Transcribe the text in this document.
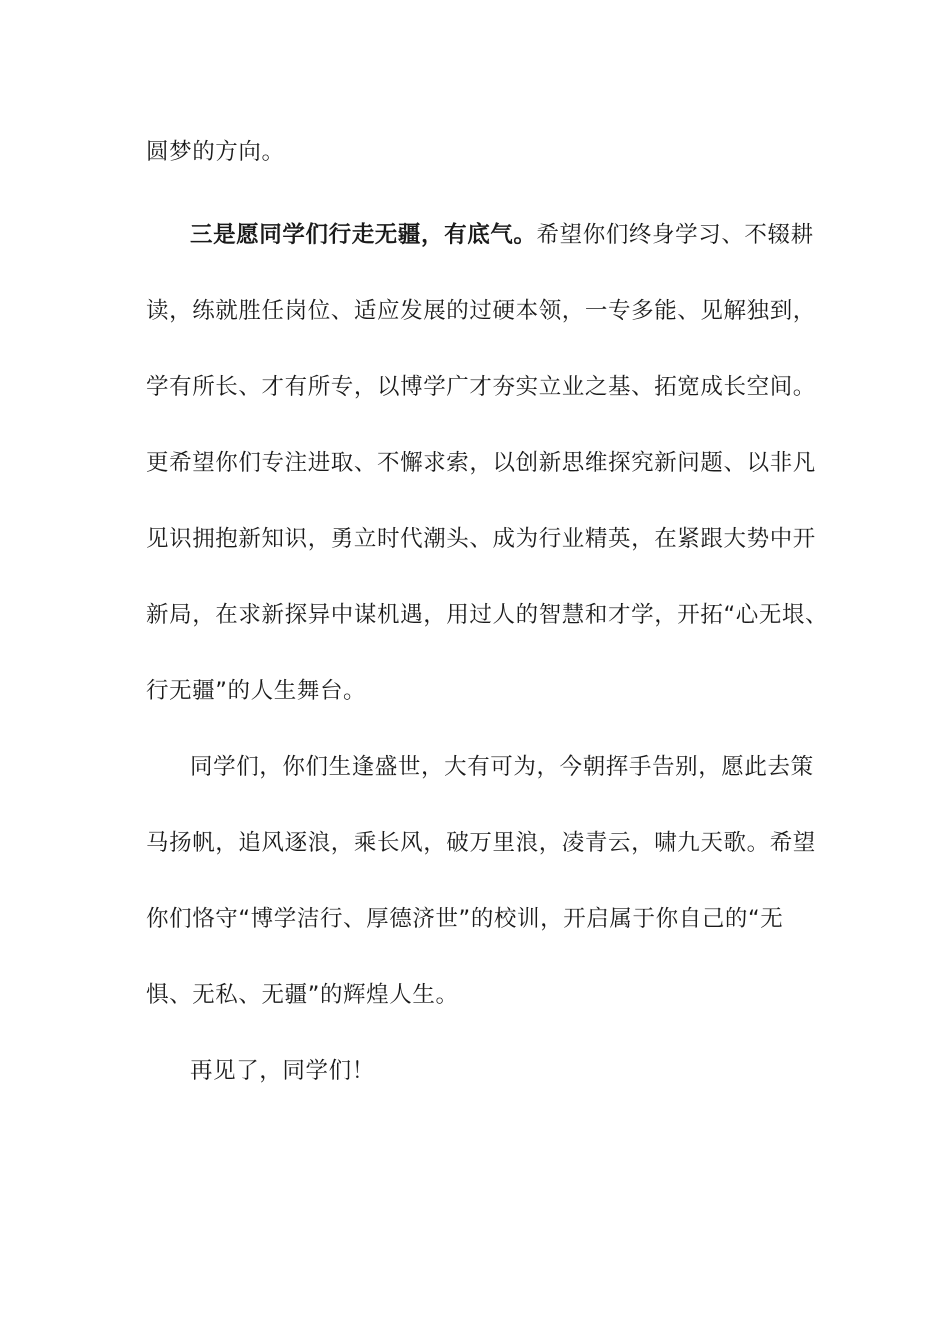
圆梦的方向。
三是愿同学们行走无疆，有底气。希望你们终身学习、不辍耕
读，练就胜任岗位、适应发展的过硬本领，一专多能、见解独到，
学有所长、才有所专，以博学广才夯实立业之基、拓宽成长空间。
更希望你们专注进取、不懈求索，以创新思维探究新问题、以非凡
见识拥抱新知识，勇立时代潮头、成为行业精英，在紧跟大势中开
新局，在求新探异中谋机遇，用过人的智慧和才学，开拓“心无垠、
行无疆”的人生舞台。
同学们，你们生逢盛世，大有可为，今朝挥手告别，愿此去策
马扬帆，追风逐浪，乘长风，破万里浪，凌青云，啸九天歌。希望
你们恪守“博学洁行、厚德济世”的校训，开启属于你自己的“无
惧、无私、无疆”的辉煌人生。
再见了，同学们！
